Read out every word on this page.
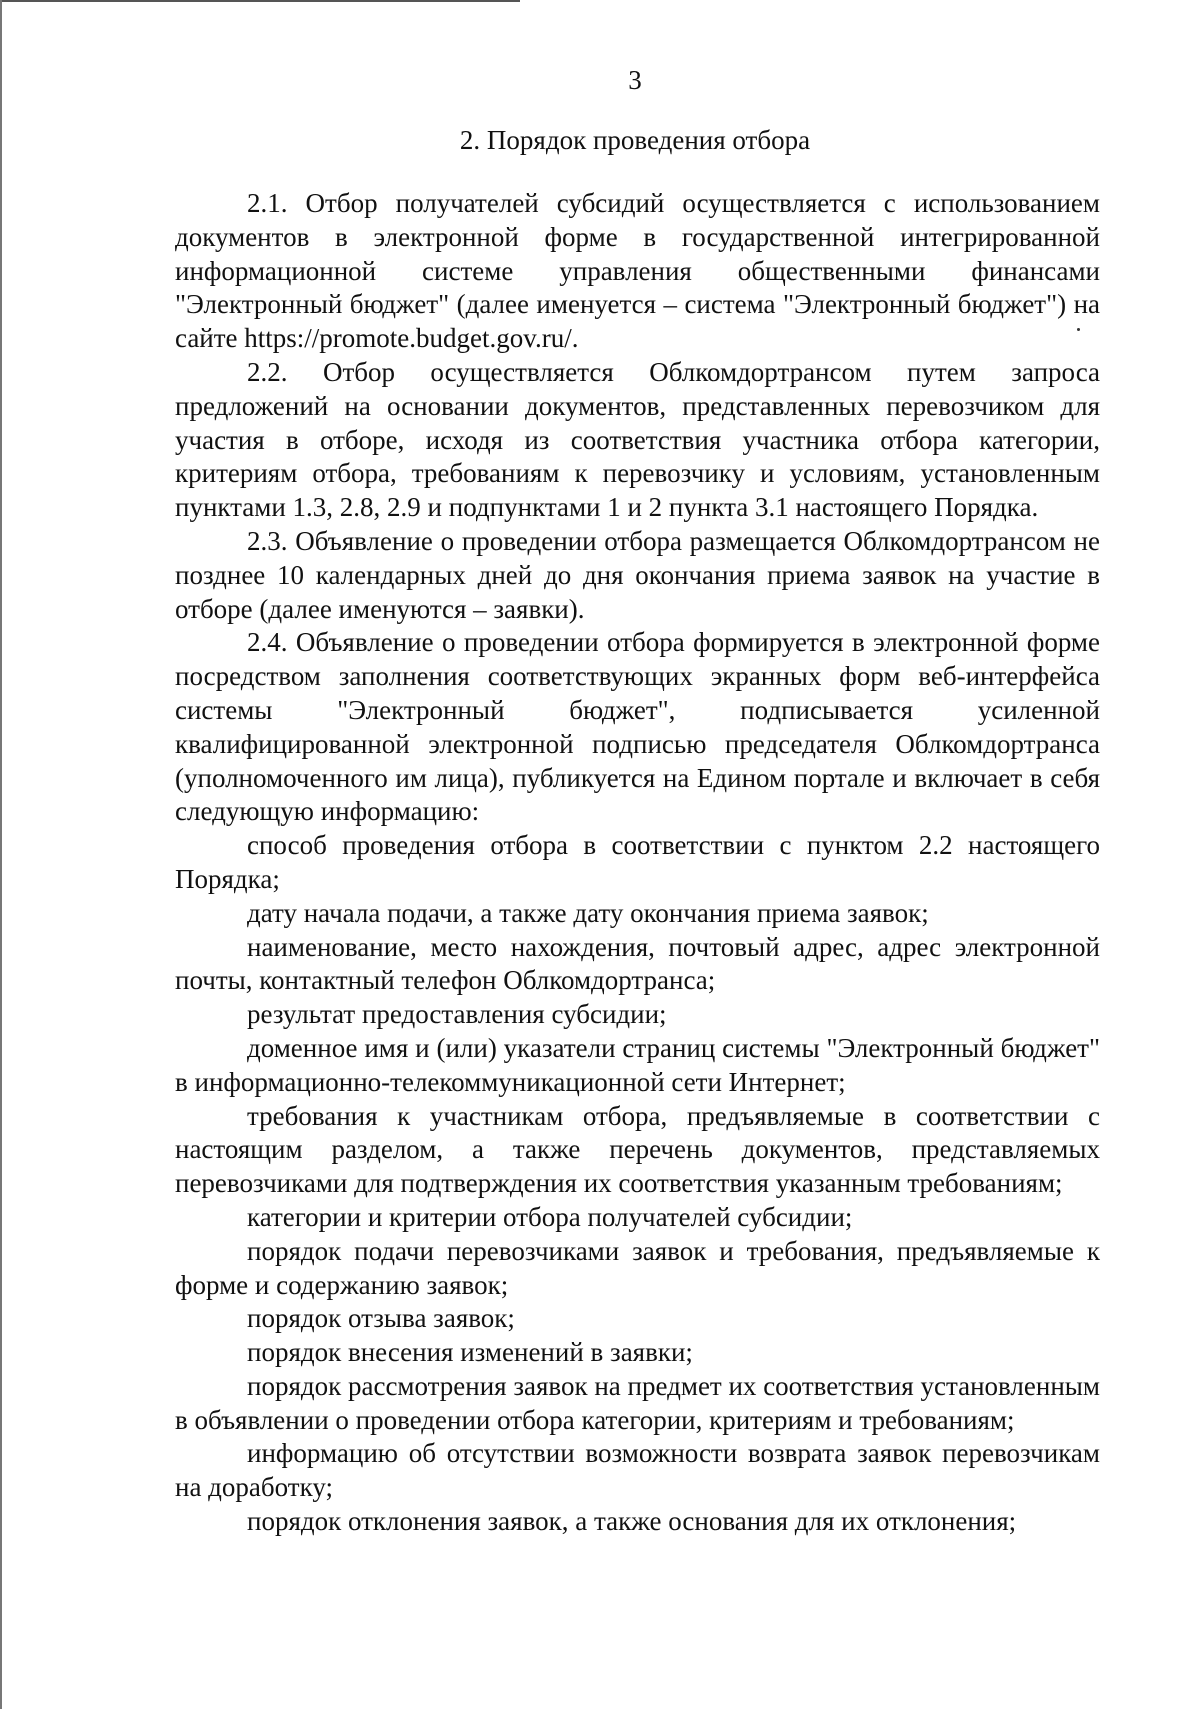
3
2. Порядок проведения отбора

2.1. Отбор получателей субсидий осуществляется с использованием документов в электронной форме в государственной интегрированной информационной системе управления общественными финансами "Электронный бюджет" (далее именуется – система "Электронный бюджет") на сайте https://promote.budget.gov.ru/.

2.2. Отбор осуществляется Облкомдортрансом путем запроса предложений на основании документов, представленных перевозчиком для участия в отборе, исходя из соответствия участника отбора категории, критериям отбора, требованиям к перевозчику и условиям, установленным пунктами 1.3, 2.8, 2.9 и подпунктами 1 и 2 пункта 3.1 настоящего Порядка.

2.3. Объявление о проведении отбора размещается Облкомдортрансом не позднее 10 календарных дней до дня окончания приема заявок на участие в отборе (далее именуются – заявки).

2.4. Объявление о проведении отбора формируется в электронной форме посредством заполнения соответствующих экранных форм веб-интерфейса системы "Электронный бюджет", подписывается усиленной квалифицированной электронной подписью председателя Облкомдортранса (уполномоченного им лица), публикуется на Едином портале и включает в себя следующую информацию:

способ проведения отбора в соответствии с пунктом 2.2 настоящего Порядка;

дату начала подачи, а также дату окончания приема заявок;

наименование, место нахождения, почтовый адрес, адрес электронной почты, контактный телефон Облкомдортранса;

результат предоставления субсидии;

доменное имя и (или) указатели страниц системы "Электронный бюджет" в информационно-телекоммуникационной сети Интернет;

требования к участникам отбора, предъявляемые в соответствии с настоящим разделом, а также перечень документов, представляемых перевозчиками для подтверждения их соответствия указанным требованиям;

категории и критерии отбора получателей субсидии;

порядок подачи перевозчиками заявок и требования, предъявляемые к форме и содержанию заявок;

порядок отзыва заявок;

порядок внесения изменений в заявки;

порядок рассмотрения заявок на предмет их соответствия установленным в объявлении о проведении отбора категории, критериям и требованиям;

информацию об отсутствии возможности возврата заявок перевозчикам на доработку;

порядок отклонения заявок, а также основания для их отклонения;
